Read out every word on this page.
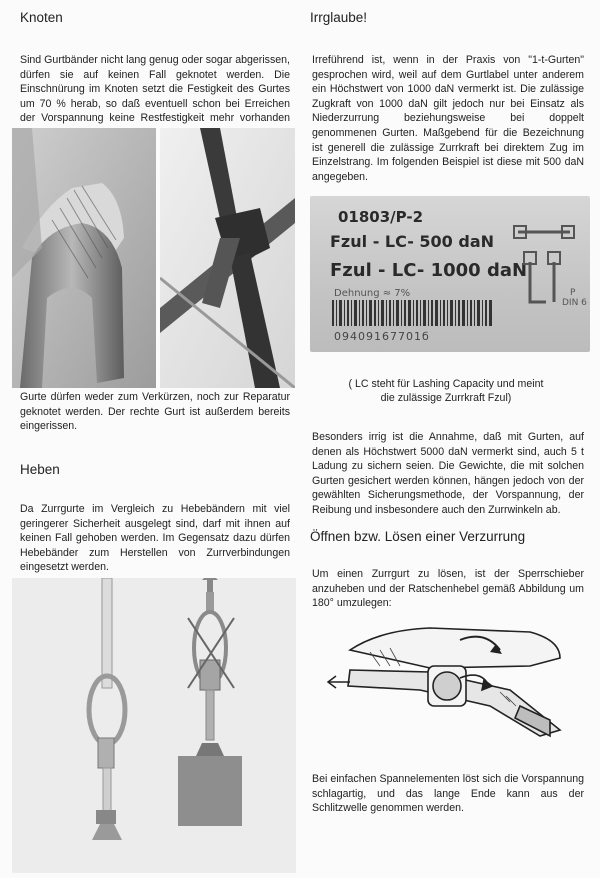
Knoten
Sind Gurtbänder nicht lang genug oder sogar abgerissen, dürfen sie auf keinen Fall geknotet werden. Die Einschnürung im Knoten setzt die Festigkeit des Gurtes um 70 % herab, so daß eventuell schon bei Erreichen der Vorspannung keine Restfestigkeit mehr vorhanden
Gurte dürfen weder zum Verkürzen, noch zur Reparatur geknotet werden. Der rechte Gurt ist außerdem bereits eingerissen.
Heben
Da Zurrgurte im Vergleich zu Hebebändern mit viel geringerer Sicherheit ausgelegt sind, darf mit ihnen auf keinen Fall gehoben werden. Im Gegensatz dazu dürfen Hebebänder zum Herstellen von Zurrverbindungen eingesetzt werden.
Irrglaube!
Irreführend ist, wenn in der Praxis von "1-t-Gurten" gesprochen wird, weil auf dem Gurtlabel unter anderem ein Höchstwert von 1000 daN vermerkt ist. Die zulässige Zugkraft von 1000 daN gilt jedoch nur bei Einsatz als Niederzurrung beziehungsweise bei doppelt genommenen Gurten. Maßgebend für die Bezeichnung ist generell die zulässige Zurrkraft bei direktem Zug im Einzelstrang. Im folgenden Beispiel ist diese mit 500 daN angegeben.
01803/P-2
Fzul - LC- 500 daN
Fzul - LC- 1000 daN
Dehnung ≈ 7%	P
DIN 6
09409167701б
( LC steht für Lashing Capacity und meint
die zulässige Zurrkraft Fzul)
Besonders irrig ist die Annahme, daß mit Gurten, auf denen als Höchstwert 5000 daN vermerkt sind, auch 5 t Ladung zu sichern seien. Die Gewichte, die mit solchen Gurten gesichert werden können, hängen jedoch von der gewählten Sicherungsmethode, der Vorspannung, der Reibung und insbesondere auch den Zurrwinkeln ab.
Öffnen bzw. Lösen einer Verzurrung
Um einen Zurrgurt zu lösen, ist der Sperrschieber anzuheben und der Ratschenhebel gemäß Abbildung um 180° umzulegen:
Bei einfachen Spannelementen löst sich die Vorspannung schlagartig, und das lange Ende kann aus der Schlitzwelle genommen werden.
